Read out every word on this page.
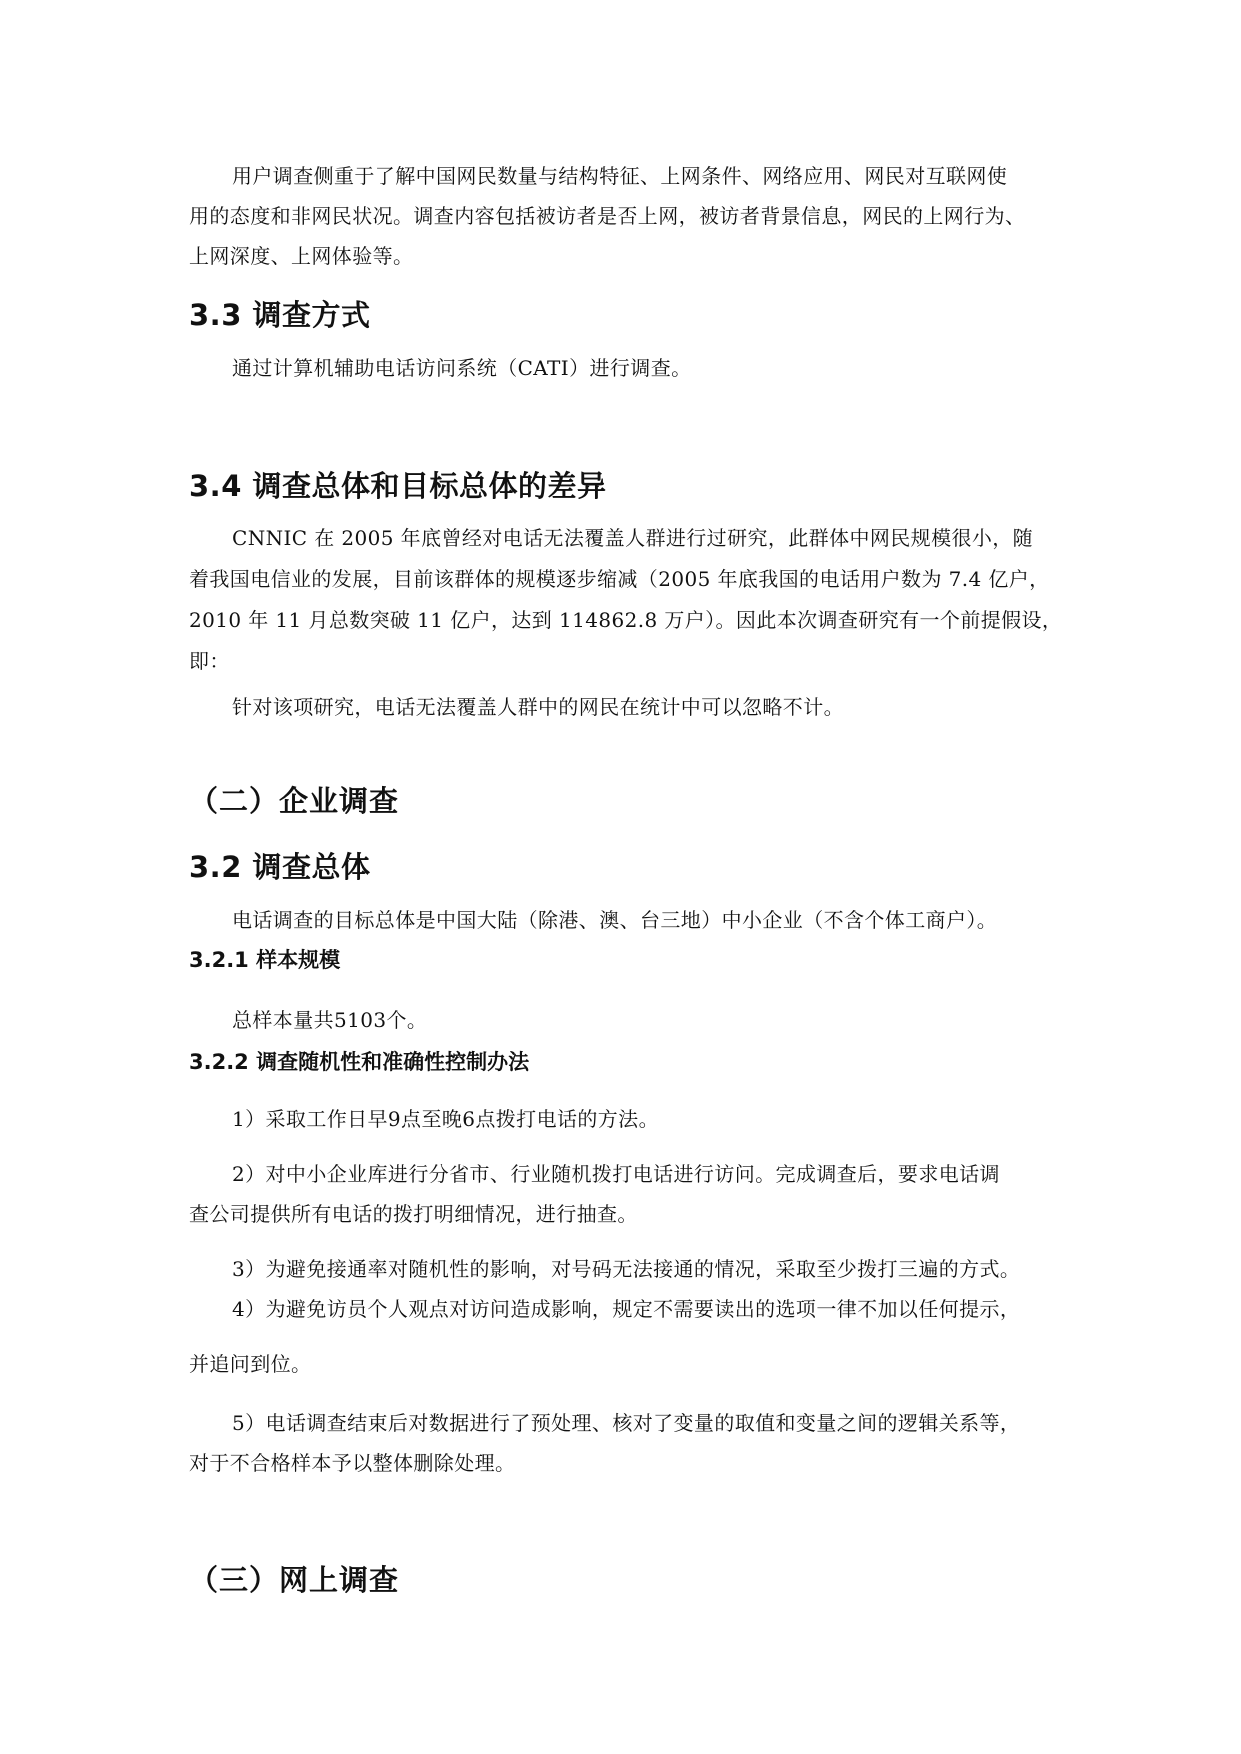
用户调查侧重于了解中国网民数量与结构特征、上网条件、网络应用、网民对互联网使

用的态度和非网民状况。调查内容包括被访者是否上网，被访者背景信息，网民的上网行为、

上网深度、上网体验等。

3.3 调查方式

通过计算机辅助电话访问系统（CATI）进行调查。

3.4 调查总体和目标总体的差异

CNNIC 在 2005 年底曾经对电话无法覆盖人群进行过研究，此群体中网民规模很小，随

着我国电信业的发展，目前该群体的规模逐步缩减（2005 年底我国的电话用户数为 7.4 亿户，

2010 年 11 月总数突破 11 亿户，达到 114862.8 万户）。因此本次调查研究有一个前提假设，

即：

针对该项研究，电话无法覆盖人群中的网民在统计中可以忽略不计。

（二）企业调查
3.2 调查总体

电话调查的目标总体是中国大陆（除港、澳、台三地）中小企业（不含个体工商户）。

3.2.1 样本规模

总样本量共5103个。

3.2.2 调查随机性和准确性控制办法

1）采取工作日早9点至晚6点拨打电话的方法。

2）对中小企业库进行分省市、行业随机拨打电话进行访问。完成调查后，要求电话调

查公司提供所有电话的拨打明细情况，进行抽查。

3）为避免接通率对随机性的影响，对号码无法接通的情况，采取至少拨打三遍的方式。

4）为避免访员个人观点对访问造成影响，规定不需要读出的选项一律不加以任何提示，

并追问到位。

5）电话调查结束后对数据进行了预处理、核对了变量的取值和变量之间的逻辑关系等，

对于不合格样本予以整体删除处理。

（三）网上调查
